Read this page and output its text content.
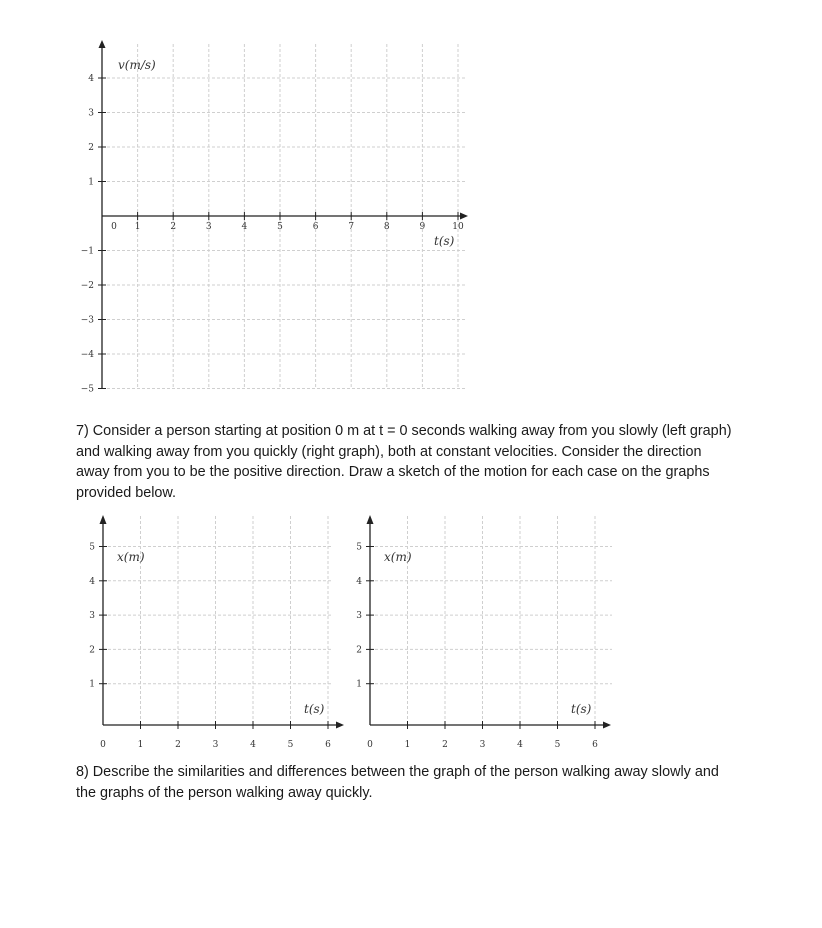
4
3
2
1
−1
−2
−3
−4
−5
0 1	2	3	4	5	6	7	8	9	10
v(m/s)
t(s)
5
4
3
2
1
0	1	2	3	4	5	6
x(m)
t(s)
5
4
3
2
1
0	1	2	3	4	5	6
x(m)
t(s)
7) Consider a person starting at position 0 m at t = 0 seconds walking away from you slowly (left graph) and walking away from you quickly (right graph), both at constant velocities. Consider the direction away from you to be the positive direction. Draw a sketch of the motion for each case on the graphs provided below.
8) Describe the similarities and differences between the graph of the person walking away slowly and the graphs of the person walking away quickly.
